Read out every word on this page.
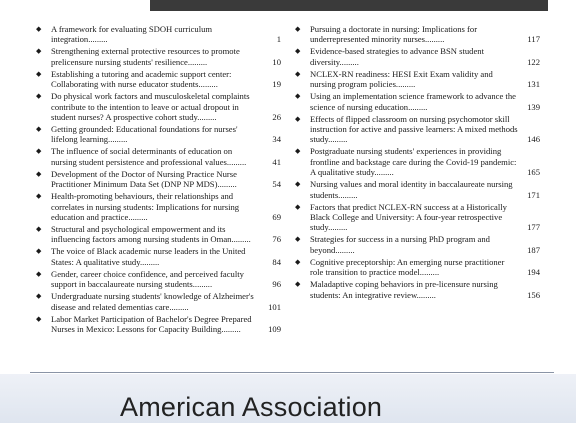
◆ A framework for evaluating SDOH curriculum integration.........	1
◆ Strengthening external protective resources to promote prelicensure nursing students' resilience.........	10
◆ Establishing a tutoring and academic support center: Collaborating with nurse educator students.........	19
◆ Do physical work factors and musculoskeletal complaints contribute to the intention to leave or actual dropout in student nurses? A prospective cohort study.........	26
◆ Getting grounded: Educational foundations for nurses' lifelong learning.........	34
◆ The influence of social determinants of education on nursing student persistence and professional values.........	41
◆ Development of the Doctor of Nursing Practice Nurse Practitioner Minimum Data Set (DNP NP MDS).........	54
◆ Health-promoting behaviours, their relationships and correlates in nursing students: Implications for nursing education and practice.........	69
◆ Structural and psychological empowerment and its influencing factors among nursing students in Oman.........	76
◆ The voice of Black academic nurse leaders in the United States: A qualitative study.........	84
◆ Gender, career choice confidence, and perceived faculty support in baccalaureate nursing students.........	96
◆ Undergraduate nursing students' knowledge of Alzheimer's disease and related dementias care.........	101
◆ Labor Market Participation of Bachelor's Degree Prepared Nurses in Mexico: Lessons for Capacity Building.........	109
◆ Pursuing a doctorate in nursing: Implications for underrepresented minority nurses.........	117
◆ Evidence-based strategies to advance BSN student diversity.........	122
◆ NCLEX-RN readiness: HESI Exit Exam validity and nursing program policies.........	131
◆ Using an implementation science framework to advance the science of nursing education.........	139
◆ Effects of flipped classroom on nursing psychomotor skill instruction for active and passive learners: A mixed methods study.........	146
◆ Postgraduate nursing students' experiences in providing frontline and backstage care during the Covid-19 pandemic: A qualitative study.........	165
◆ Nursing values and moral identity in baccalaureate nursing students.........	171
◆ Factors that predict NCLEX-RN success at a Historically Black College and University: A four-year retrospective study.........	177
◆ Strategies for success in a nursing PhD program and beyond.........	187
◆ Cognitive preceptorship: An emerging nurse practitioner role transition to practice model.........	194
◆ Maladaptive coping behaviors in pre-licensure nursing students: An integrative review.........	156
American Association
